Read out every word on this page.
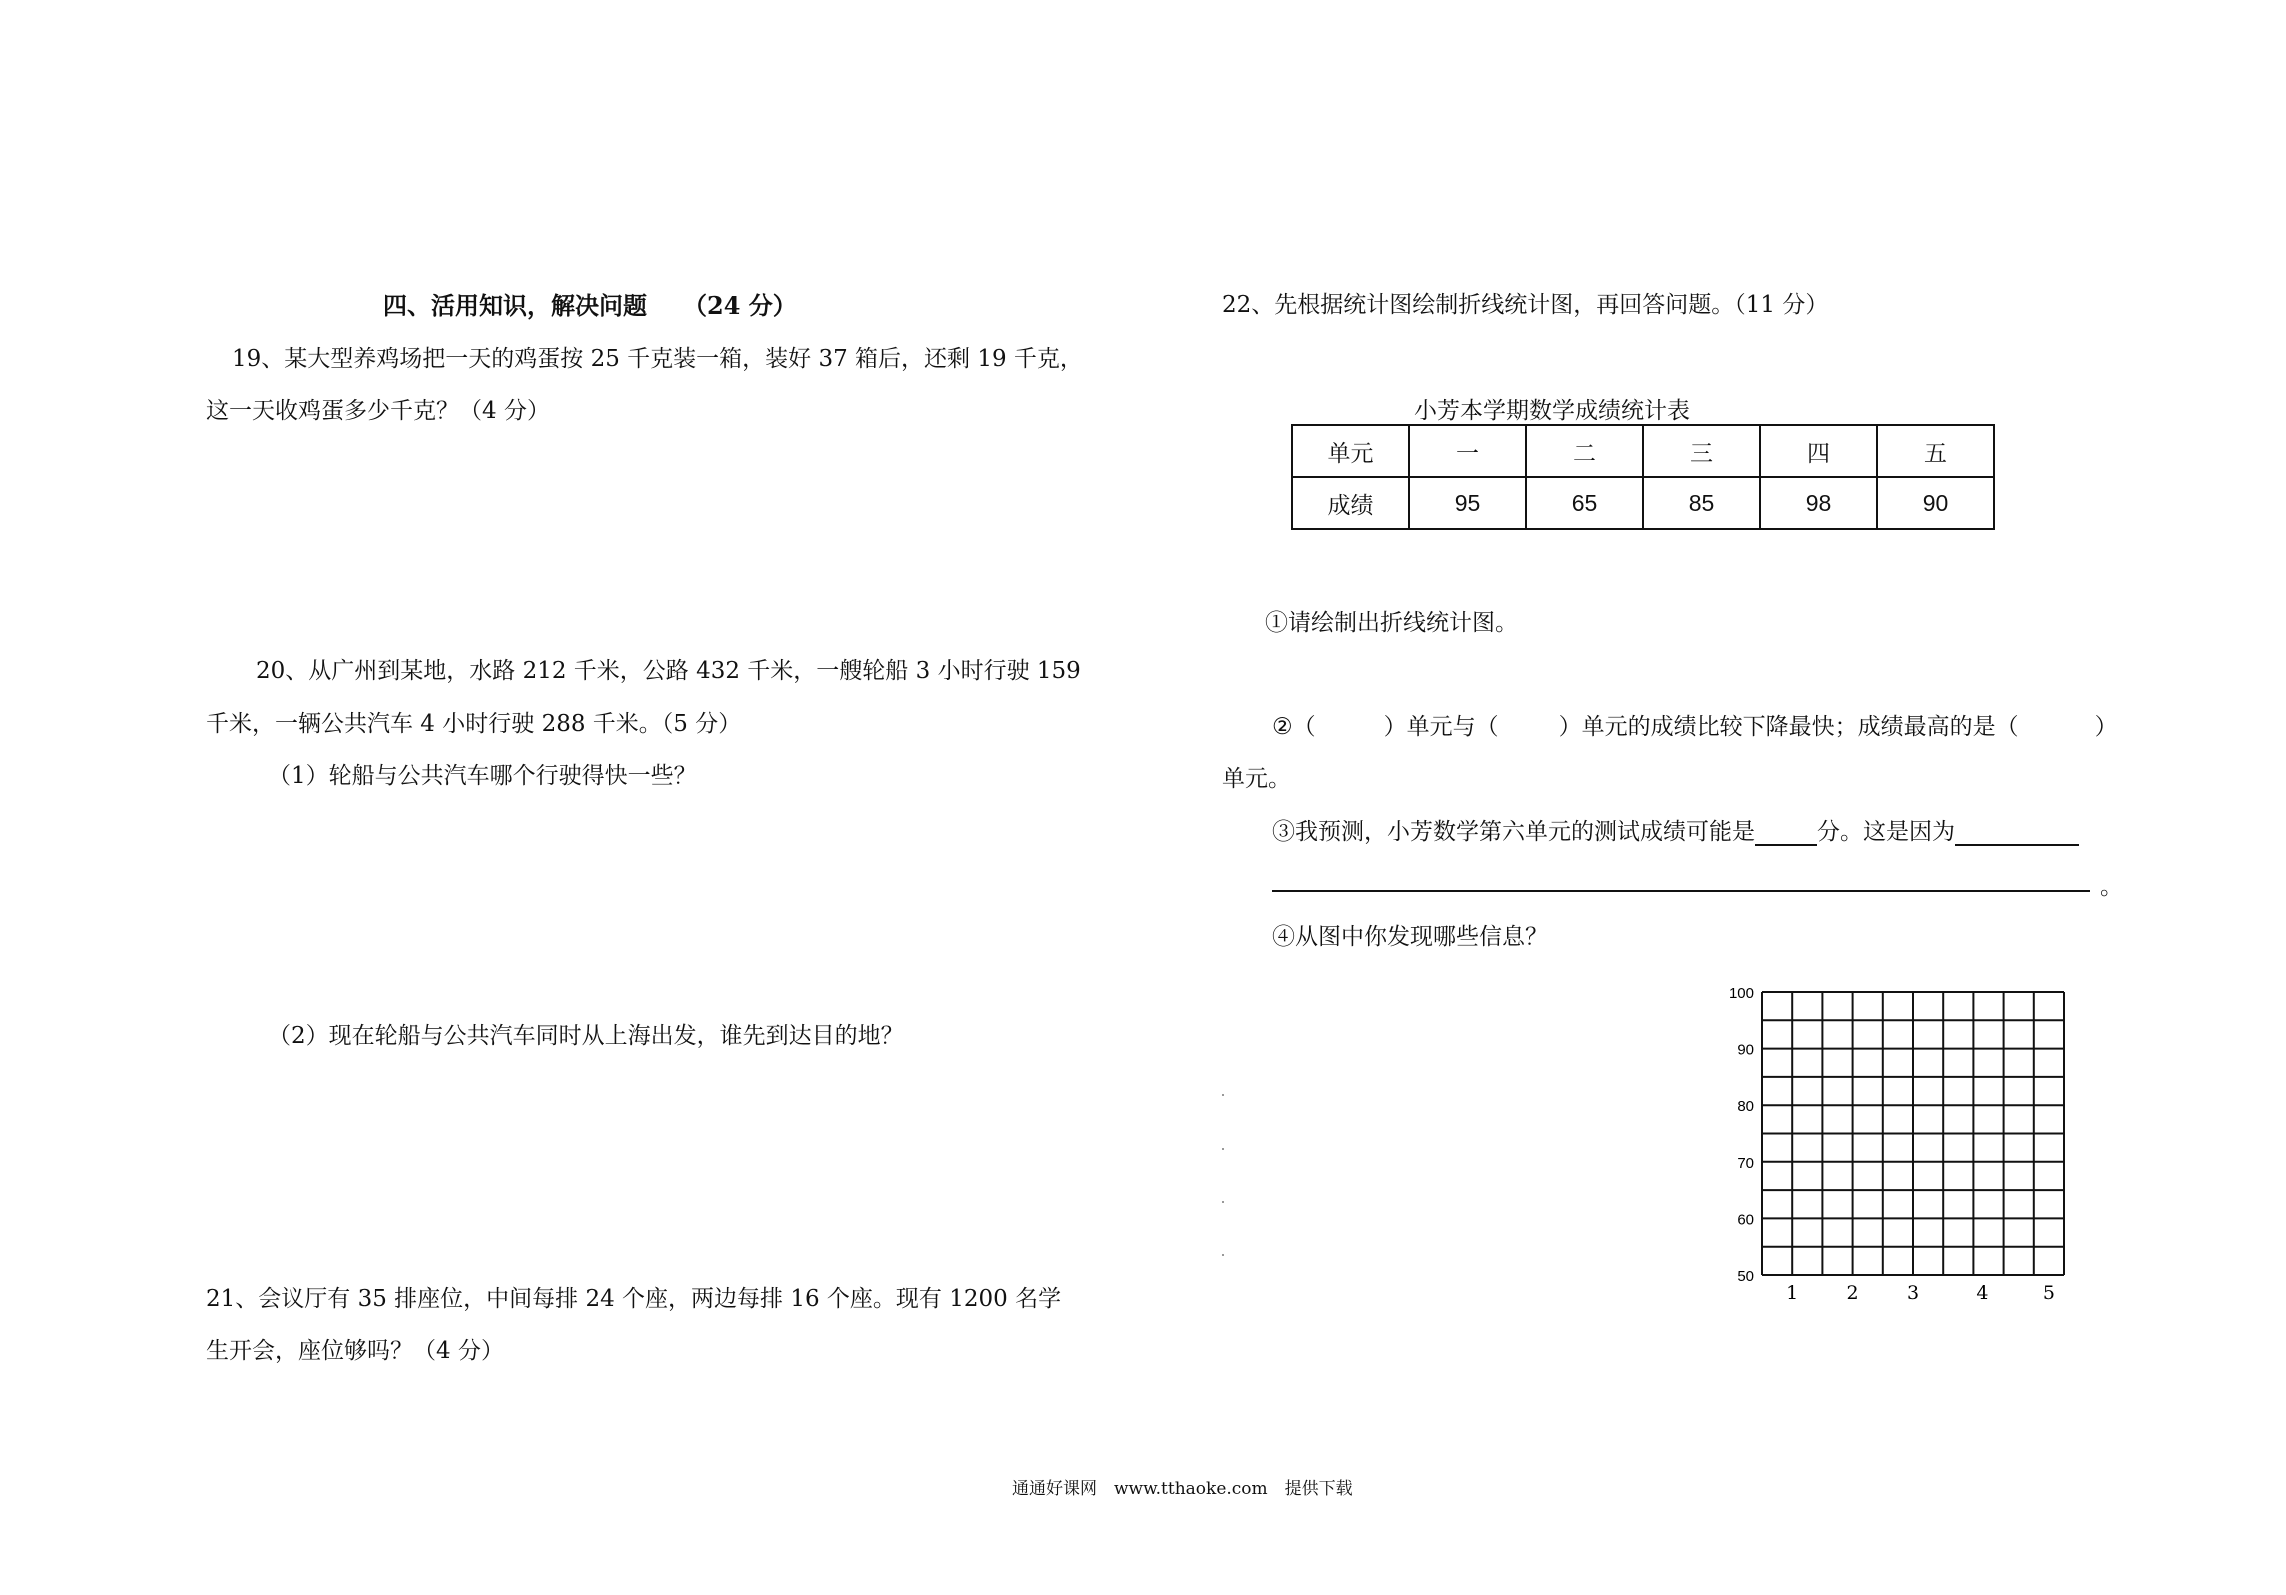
四、活用知识，解决问题　　（24 分）
19、某大型养鸡场把一天的鸡蛋按 25 千克装一箱，装好 37 箱后，还剩 19 千克，
这一天收鸡蛋多少千克？（4 分）
20、从广州到某地，水路 212 千米，公路 432 千米，一艘轮船 3 小时行驶 159
千米，一辆公共汽车 4 小时行驶 288 千米。（5 分）
（1）轮船与公共汽车哪个行驶得快一些？
（2）现在轮船与公共汽车同时从上海出发，谁先到达目的地？
21、会议厅有 35 排座位，中间每排 24 个座，两边每排 16 个座。现有 1200 名学
生开会，座位够吗？（4 分）
22、先根据统计图绘制折线统计图，再回答问题。（11 分）
小芳本学期数学成绩统计表
单元	一	二	三	四	五
成绩	95	65	85	98	90
①请绘制出折线统计图。
②（	）单元与（	）单元的成绩比较下降最快；成绩最高的是（	）
单元。
③我预测，小芳数学第六单元的测试成绩可能是	分。这是因为
。
④从图中你发现哪些信息？
100
90
80
70
60
50
1	2	3	4	5
通通好课网　www.tthaoke.com　提供下载
